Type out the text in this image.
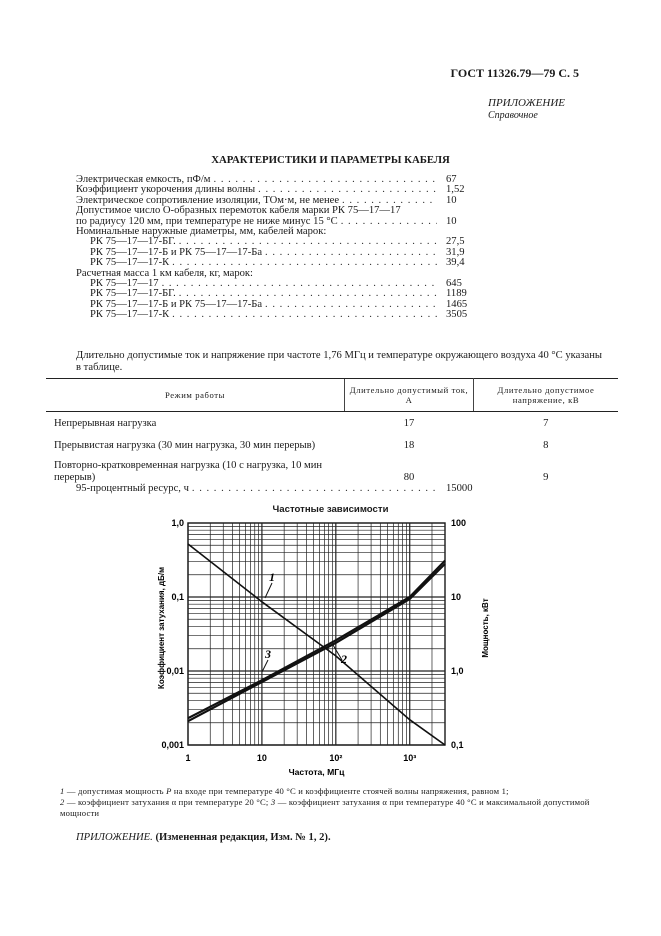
ГОСТ 11326.79—79 С. 5
ПРИЛОЖЕНИЕ
Справочное
ХАРАКТЕРИСТИКИ И ПАРАМЕТРЫ КАБЕЛЯ
Электрическая емкость, пФ/м . . .	67
Коэффициент укорочения длины волны . . .	1,52
Электрическое сопротивление изоляции, ТОм·м, не менее . . .	10
Допустимое число О-образных перемоток кабеля марки РК 75—17—17
по радиусу 120 мм, при температуре не ниже минус 15 °С . . .	10
Номинальные наружные диаметры, мм, кабелей марок:
РК 75—17—17-БГ. . . .	27,5
РК 75—17—17-Б и РК 75—17—17-Ба . . .	31,9
РК 75—17—17-К . . .	39,4
Расчетная масса 1 км кабеля, кг, марок:
РК 75—17—17 . . .	645
РК 75—17—17-БГ. . . .	1189
РК 75—17—17-Б и РК 75—17—17-Ба . . .	1465
РК 75—17—17-К . . .	3505
Длительно допустимые ток и напряжение при частоте 1,76 МГц и температуре окружающего воздуха 40 °С указаны в таблице.
Режим работы	Длительно допустимый ток, А	Длительно допустимое напряжение, кВ
Непрерывная нагрузка	17	7
Прерывистая нагрузка (30 мин нагрузка, 30 мин перерыв)	18	8
Повторно-кратковременная нагрузка (10 с нагрузка, 10 мин перерыв)	80	9
95-процентный ресурс, ч . . .	15000
Частотные зависимости
1	10	10²	10³
0,001
0,01
0,1
1,0
0,1
1,0
10
100
Частота, МГц
Коэффициент затухания, дБ/м	Мощность, кВт
1
2
3
1 — допустимая мощность P на входе при температуре 40 °С и коэффициенте стоячей волны напряжения, равном 1;
2 — коэффициент затухания α при температуре 20 °С; 3 — коэффициент затухания α при температуре 40 °С и максимальной допустимой мощности
ПРИЛОЖЕНИЕ. (Измененная редакция, Изм. № 1, 2).
